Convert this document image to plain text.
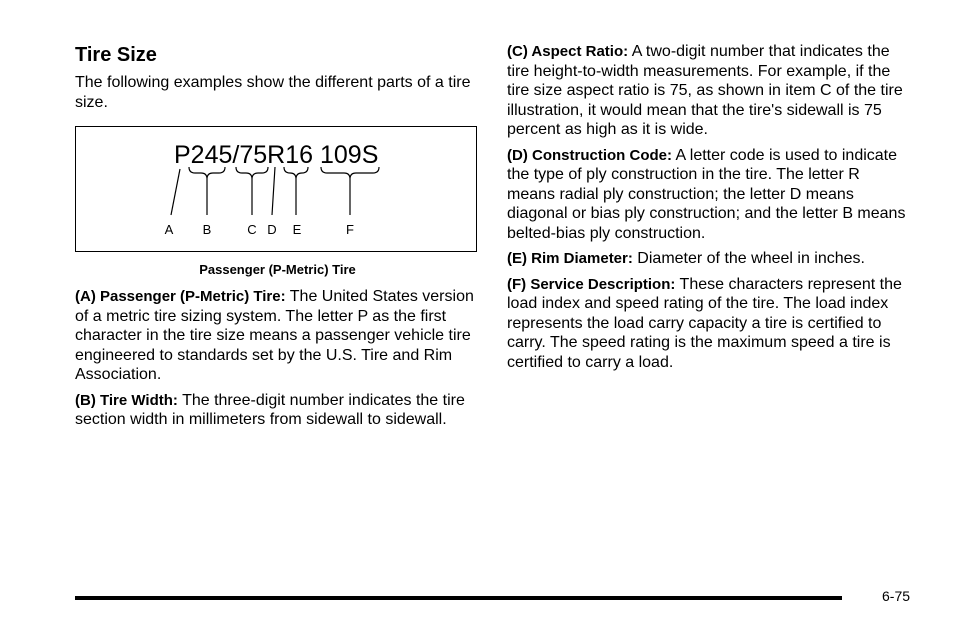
Tire Size

The following examples show the different parts of a tire size.

P245/75R16 109S
A B	C D E	F
Passenger (P-Metric) Tire

(A) Passenger (P-Metric) Tire: The United States version of a metric tire sizing system. The letter P as the first character in the tire size means a passenger vehicle tire engineered to standards set by the U.S. Tire and Rim Association.

(B) Tire Width: The three-digit number indicates the tire section width in millimeters from sidewall to sidewall.

(C) Aspect Ratio: A two-digit number that indicates the tire height-to-width measurements. For example, if the tire size aspect ratio is 75, as shown in item C of the tire illustration, it would mean that the tire's sidewall is 75 percent as high as it is wide.

(D) Construction Code: A letter code is used to indicate the type of ply construction in the tire. The letter R means radial ply construction; the letter D means diagonal or bias ply construction; and the letter B means belted-bias ply construction.

(E) Rim Diameter: Diameter of the wheel in inches.

(F) Service Description: These characters represent the load index and speed rating of the tire. The load index represents the load carry capacity a tire is certified to carry. The speed rating is the maximum speed a tire is certified to carry a load.

6-75
